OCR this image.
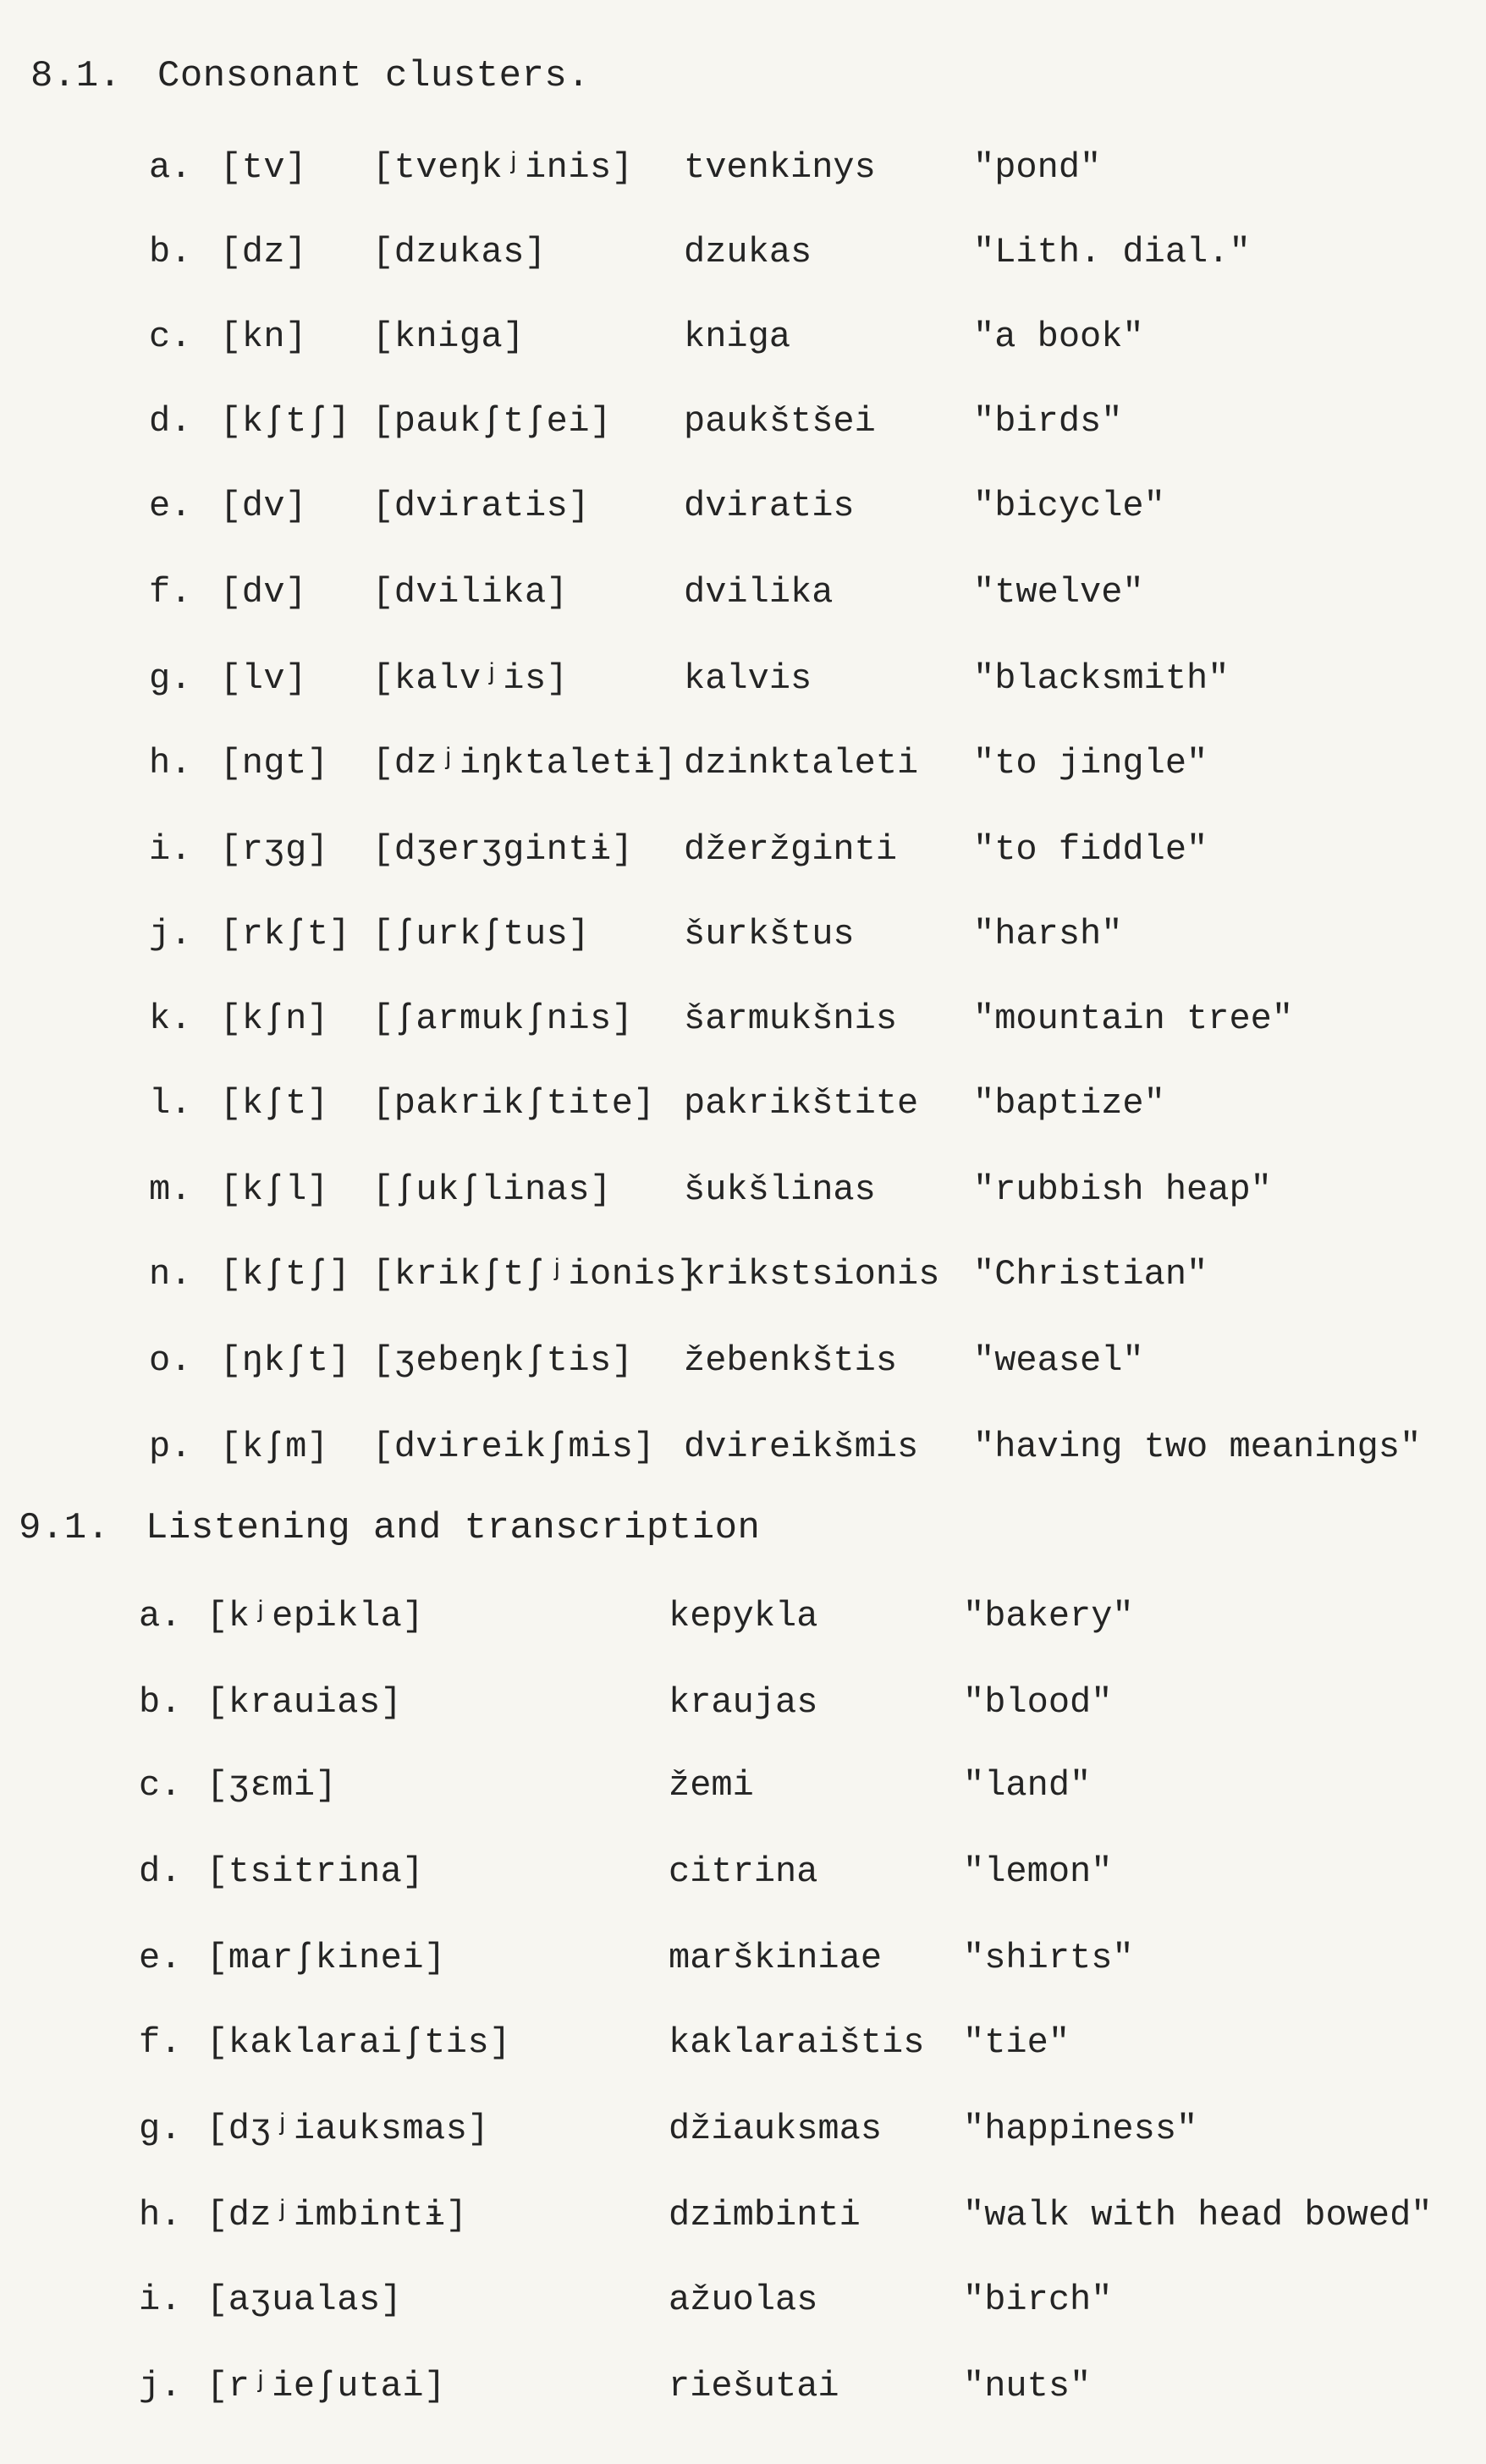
8.1. Consonant clusters.
a.	[ tv ]	[ tveŋkʲinis ]	tvenkinys	"pond"
b.	[ dz ]	[ dzukas ]	dzukas	"Lith. dial."
c.	[ kn ]	[ kniga ]	kniga	"a book"
d.	[ kʃtʃ ]	[ paukʃtʃei ]	paukštšei	"birds"
e.	[ dv ]	[ dviratis ]	dviratis	"bicycle"
f.	[ dv ]	[ dvilika ]	dvilika	"twelve"
g.	[ lv ]	[ kalvʲis ]	kalvis	"blacksmith"
h.	[ ngt ]	[ dzʲiŋktaletɨ ] dzinktaleti "to jingle"
i.	[ rʒg ]	[ dʒerʒgintɨ ]	džeržginti "to fiddle"
j.	[ rkʃt ]	[ ʃurkʃtus ]	šurkštus	"harsh"
k.	[ kʃn ]	[ ʃarmukʃnis ]	šarmukšnis "mountain tree"
l.	[ kʃt ]	[ pakrikʃtite ]	pakrikštite "baptize"
m.	[ kʃl ]	[ ʃukʃlinas ]	šukšlinas	"rubbish heap"
n.	[ kʃtʃ ]	[ krikʃtʃʲionis ] krikstsionis "Christian"
o.	[ ŋkʃt ]	[ ʒebeŋkʃtis ]	žebenkštis "weasel"
p.	[ kʃm ]	[ dvireikʃmis ]	dvireikšmis "having two meanings"
9.1. Listening and transcription
a.	[ kʲepikla ]	kepykla	"bakery"
b.	[ krauias ]	kraujas	"blood"
c.	[ ʒɛmi ]	žemi	"land"
d.	[ tsitrina ]	citrina	"lemon"
e.	[ marʃkinei ]	marškiniae "shirts"
f.	[ kaklaraiʃtis ]	kaklaraištis "tie"
g.	[ dʒʲiauksmas ]	džiauksmas "happiness"
h.	[ dzʲimbintɨ ]	dzimbinti	"walk with head bowed"
i.	[ aʒualas ]	ažuolas	"birch"
j.	[ rʲieʃutai ]	riešutai	"nuts"
